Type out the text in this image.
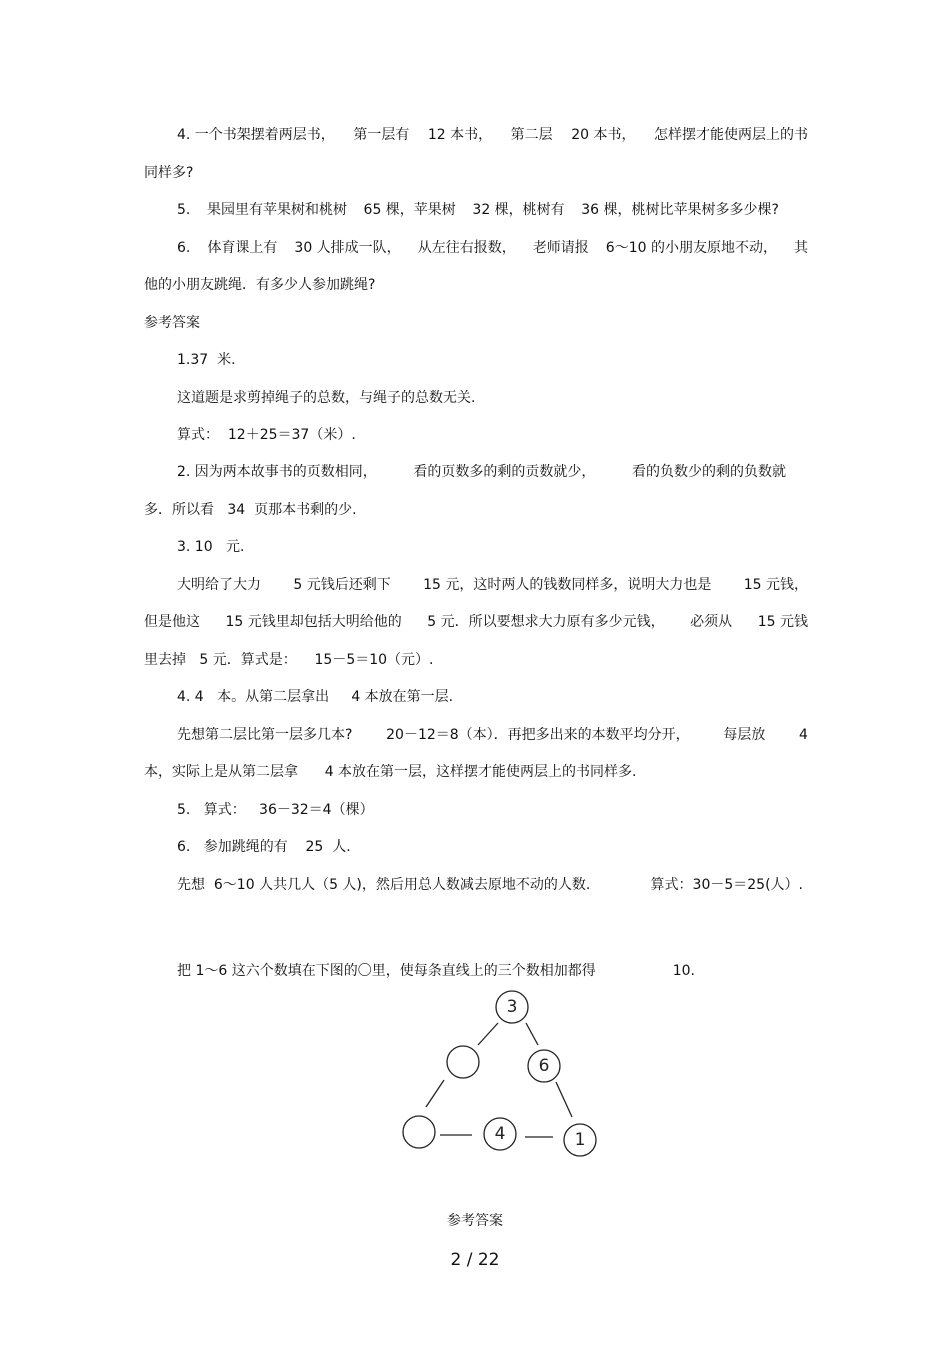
4. 一个书架摆着两层书， 第一层有 12 本书， 第二层 20 本书， 怎样摆才能使两层上的书
同样多?
5. 果园里有苹果树和桃树 65 棵，苹果树 32 棵，桃树有 36 棵，桃树比苹果树多多少棵?
6. 体育课上有 30 人排成一队， 从左往右报数， 老师请报 6～10 的小朋友原地不动， 其
他的小朋友跳绳．有多少人参加跳绳?
参考答案
1.37  米.
这道题是求剪掉绳子的总数，与绳子的总数无关.
算式：  12＋25＝37（米）.
2. 因为两本故事书的页数相同，	看的页数多的剩的贡数就少，	看的负数少的剩的负数就
多．所以看   34  页那本书剩的少.
3. 10   元.
大明给了大力 5 元钱后还剩下 15 元，这时两人的钱数同样多，说明大力也是 15 元钱，
但是他这 15 元钱里却包括大明给他的 5 元．所以要想求大力原有多少元钱， 必须从 15 元钱
里去掉   5 元．算式是：    15－5＝10（元）.
4. 4   本。从第二层拿出     4 本放在第一层.
先想第二层比第一层多几本? 20－12＝8（本）．再把多出来的本数平均分开， 每层放 4
本，实际上是从第二层拿      4 本放在第一层，这样摆才能使两层上的书同样多.
5.   算式：   36－32＝4（棵）
6.   参加跳绳的有    25  人.
先想  6～10 人共几人（5 人)，然后用总人数减去原地不动的人数.	算式：30－5＝25(人）.
把 1～6 这六个数填在下图的〇里，使每条直线上的三个数相加都得	10.
3
6
4	1
参考答案
2 / 22
